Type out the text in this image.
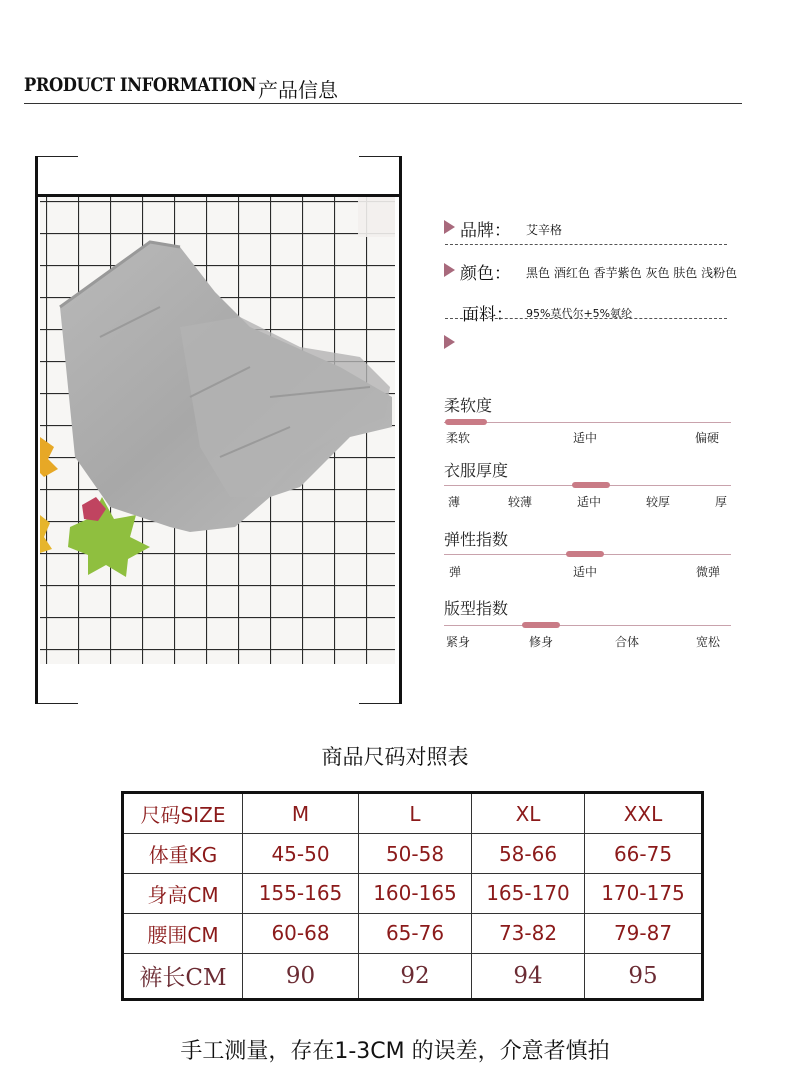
PRODUCT INFORMATION 产品信息
品牌： 艾辛格
颜色： 黑色 酒红色 香芋紫色 灰色 肤色 浅粉色
面料： 95%莫代尔+5%氨纶
柔软度
柔软	适中	偏硬
衣服厚度
薄	较薄	适中	较厚	厚
弹性指数
弹	适中	微弹
版型指数
紧身	修身	合体	宽松
商品尺码对照表
尺码SIZE	M	L	XL	XXL
体重KG	45-50	50-58	58-66	66-75
身高CM	155-165	160-165	165-170	170-175
腰围CM	60-68	65-76	73-82	79-87
裤长CM	90	92	94	95
手工测量，存在1-3CM 的误差，介意者慎拍
